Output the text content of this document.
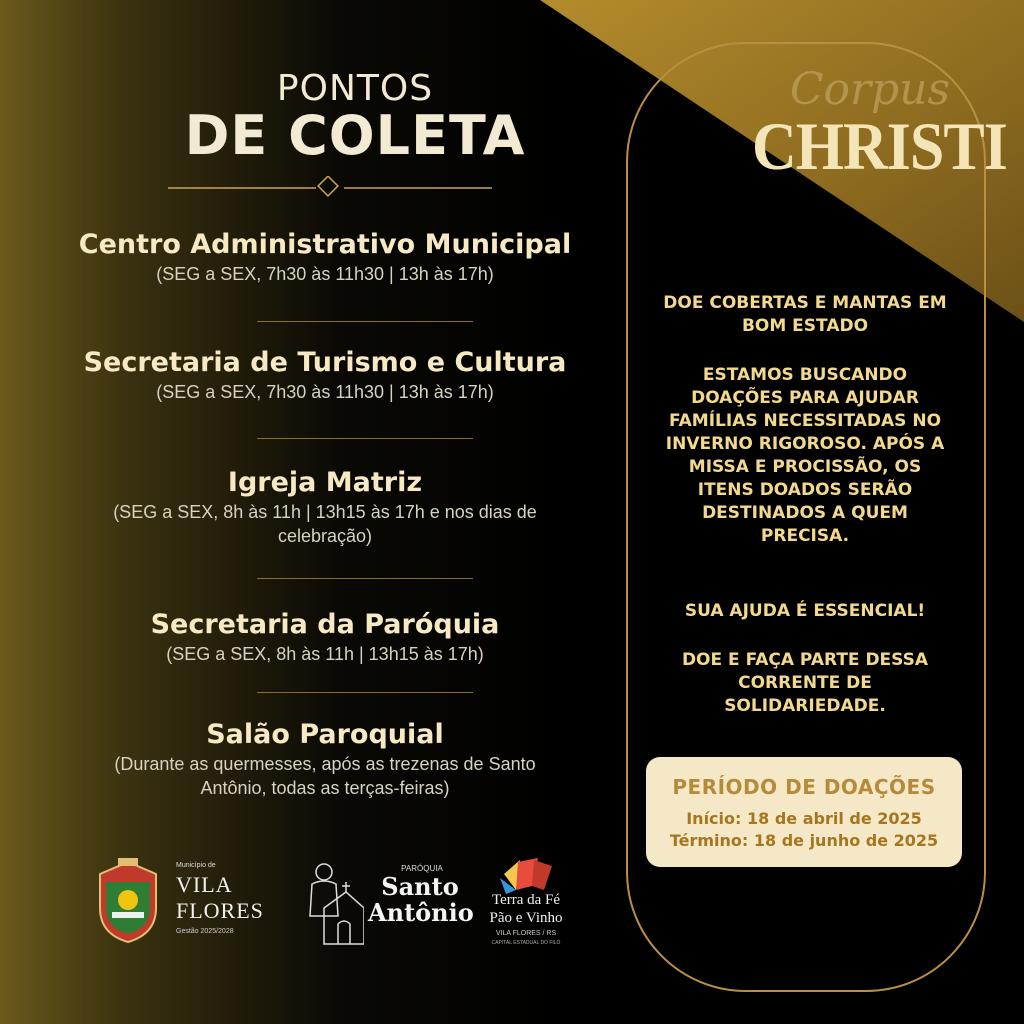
PONTOS
DE COLETA
Centro Administrativo Municipal
(SEG a SEX, 7h30 às 11h30 | 13h às 17h)
Secretaria de Turismo e Cultura
(SEG a SEX, 7h30 às 11h30 | 13h às 17h)
Igreja Matriz
(SEG a SEX, 8h às 11h | 13h15 às 17h e nos dias de celebração)
Secretaria da Paróquia
(SEG a SEX, 8h às 11h | 13h15 às 17h)
Salão Paroquial
(Durante as quermesses, após as trezenas de Santo Antônio, todas as terças-feiras)
Corpus
CHRISTI
DOE COBERTAS E MANTAS EM BOM ESTADO
ESTAMOS BUSCANDO DOAÇÕES PARA AJUDAR FAMÍLIAS NECESSITADAS NO INVERNO RIGOROSO. APÓS A MISSA E PROCISSÃO, OS ITENS DOADOS SERÃO DESTINADOS A QUEM PRECISA.
SUA AJUDA É ESSENCIAL!
DOE E FAÇA PARTE DESSA CORRENTE DE SOLIDARIEDADE.
PERÍODO DE DOAÇÕES
Início: 18 de abril de 2025
Término: 18 de junho de 2025
Município de
VILA
FLORES
Gestão 2025/2028
PARÓQUIA
Santo
Antônio	Terra da Fé
Pão e Vinho
VILA FLORES / RS
CAPITAL ESTADUAL DO FILÓ
